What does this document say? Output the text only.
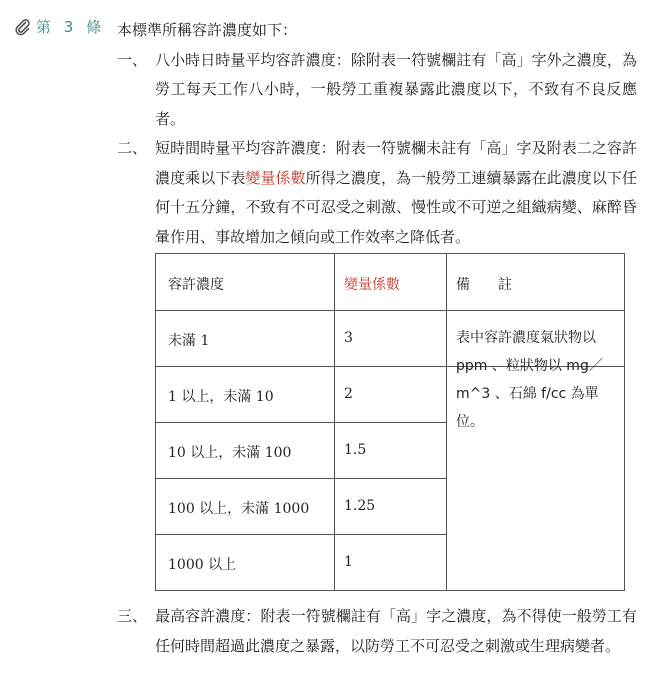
第 3 條 本標準所稱容許濃度如下：

一、 八小時日時量平均容許濃度：除附表一符號欄註有「高」字外之濃度，為勞工每天工作八小時，一般勞工重複暴露此濃度以下，不致有不良反應者。
二、 短時間時量平均容許濃度：附表一符號欄未註有「高」字及附表二之容許濃度乘以下表變量係數所得之濃度，為一般勞工連續暴露在此濃度以下任何十五分鐘，不致有不可忍受之刺激、慢性或不可逆之組織病變、麻醉昏暈作用、事故增加之傾向或工作效率之降低者。
容許濃度	變量係數	備　　註
未滿 1	3
1 以上，未滿 10	2
10 以上，未滿 100	1.5
100 以上，未滿 1000 1.25
1000 以上	1
表中容許濃度氣狀物以ppm 、粒狀物以 mg／m^3 、石綿 f/cc 為單位。
三、 最高容許濃度：附表一符號欄註有「高」字之濃度，為不得使一般勞工有任何時間超過此濃度之暴露，以防勞工不可忍受之刺激或生理病變者。
